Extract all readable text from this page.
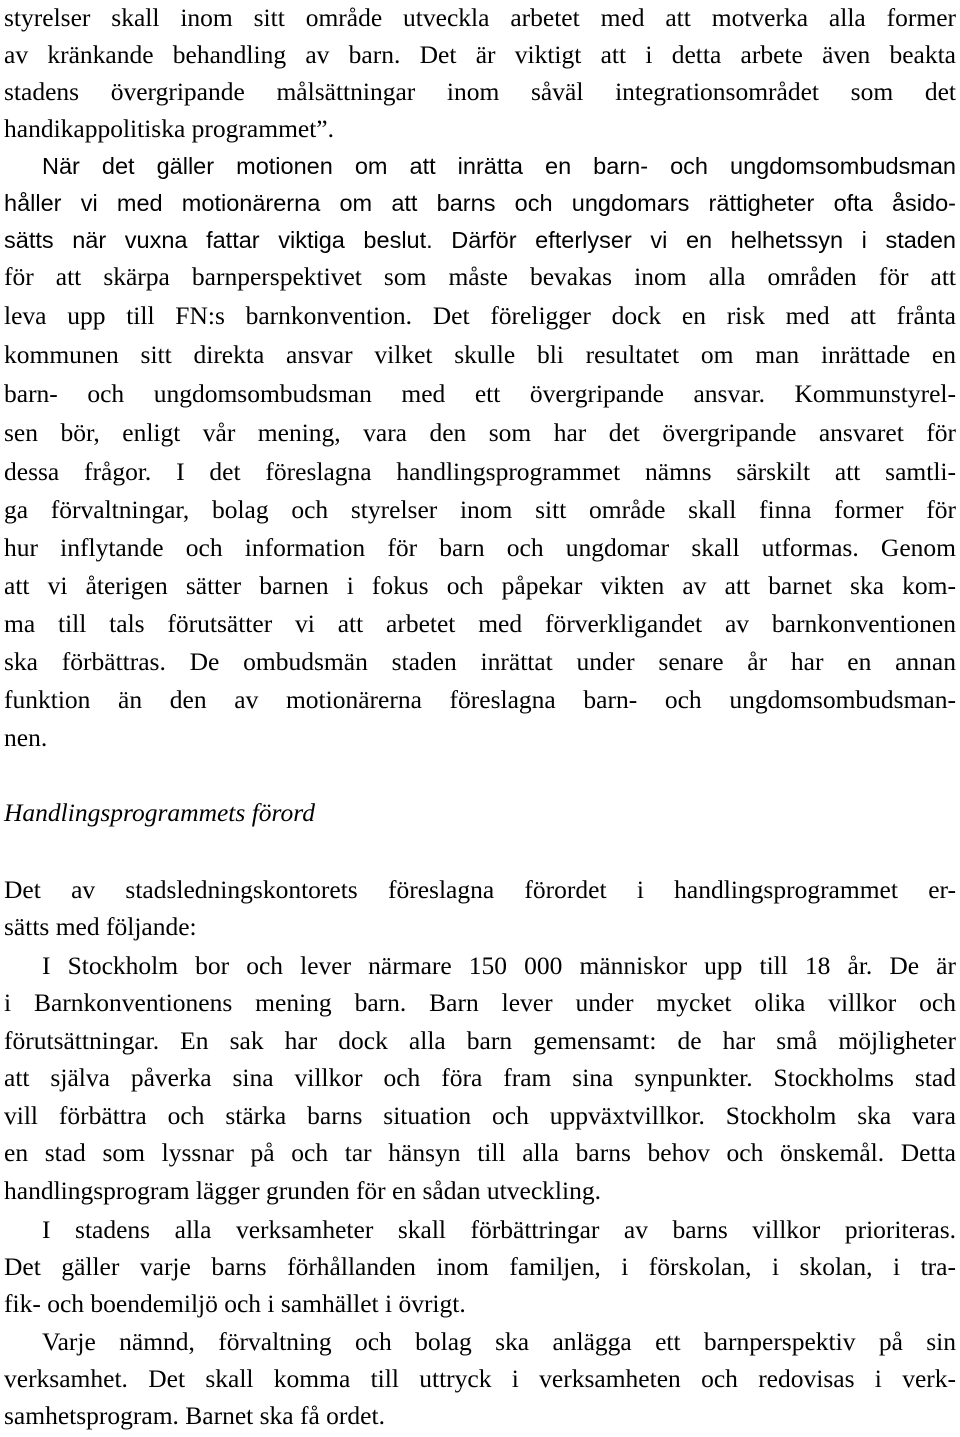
styrelser skall inom sitt område utveckla arbetet med att motverka alla former
av kränkande behandling av barn. Det är viktigt att i detta arbete även beakta
stadens övergripande målsättningar inom såväl integrationsområdet som det
handikappolitiska programmet”.
När det gäller motionen om att inrätta en barn- och ungdomsombudsman
håller vi med motionärerna om att barns och ungdomars rättigheter ofta åsido-
sätts när vuxna fattar viktiga beslut. Därför efterlyser vi en helhetssyn i staden
för att skärpa barnperspektivet som måste bevakas inom alla områden för att
leva upp till FN:s barnkonvention. Det föreligger dock en risk med att frånta
kommunen sitt direkta ansvar vilket skulle bli resultatet om man inrättade en
barn- och ungdomsombudsman med ett övergripande ansvar. Kommunstyrel-
sen bör, enligt vår mening, vara den som har det övergripande ansvaret för
dessa frågor. I det föreslagna handlingsprogrammet nämns särskilt att samtli-
ga förvaltningar, bolag och styrelser inom sitt område skall finna former för
hur inflytande och information för barn och ungdomar skall utformas. Genom
att vi återigen sätter barnen i fokus och påpekar vikten av att barnet ska kom-
ma till tals förutsätter vi att arbetet med förverkligandet av barnkonventionen
ska förbättras. De ombudsmän staden inrättat under senare år har en annan
funktion än den av motionärerna föreslagna barn- och ungdomsombudsman-
nen.
Handlingsprogrammets förord
Det av stadsledningskontorets föreslagna förordet i handlingsprogrammet er-
sätts med följande:
I Stockholm bor och lever närmare 150 000 människor upp till 18 år. De är
i Barnkonventionens mening barn. Barn lever under mycket olika villkor och
förutsättningar. En sak har dock alla barn gemensamt: de har små möjligheter
att själva påverka sina villkor och föra fram sina synpunkter. Stockholms stad
vill förbättra och stärka barns situation och uppväxtvillkor. Stockholm ska vara
en stad som lyssnar på och tar hänsyn till alla barns behov och önskemål. Detta
handlingsprogram lägger grunden för en sådan utveckling.
I stadens alla verksamheter skall förbättringar av barns villkor prioriteras.
Det gäller varje barns förhållanden inom familjen, i förskolan, i skolan, i tra-
fik- och boendemiljö och i samhället i övrigt.
Varje nämnd, förvaltning och bolag ska anlägga ett barnperspektiv på sin
verksamhet. Det skall komma till uttryck i verksamheten och redovisas i verk-
samhetsprogram. Barnet ska få ordet.
